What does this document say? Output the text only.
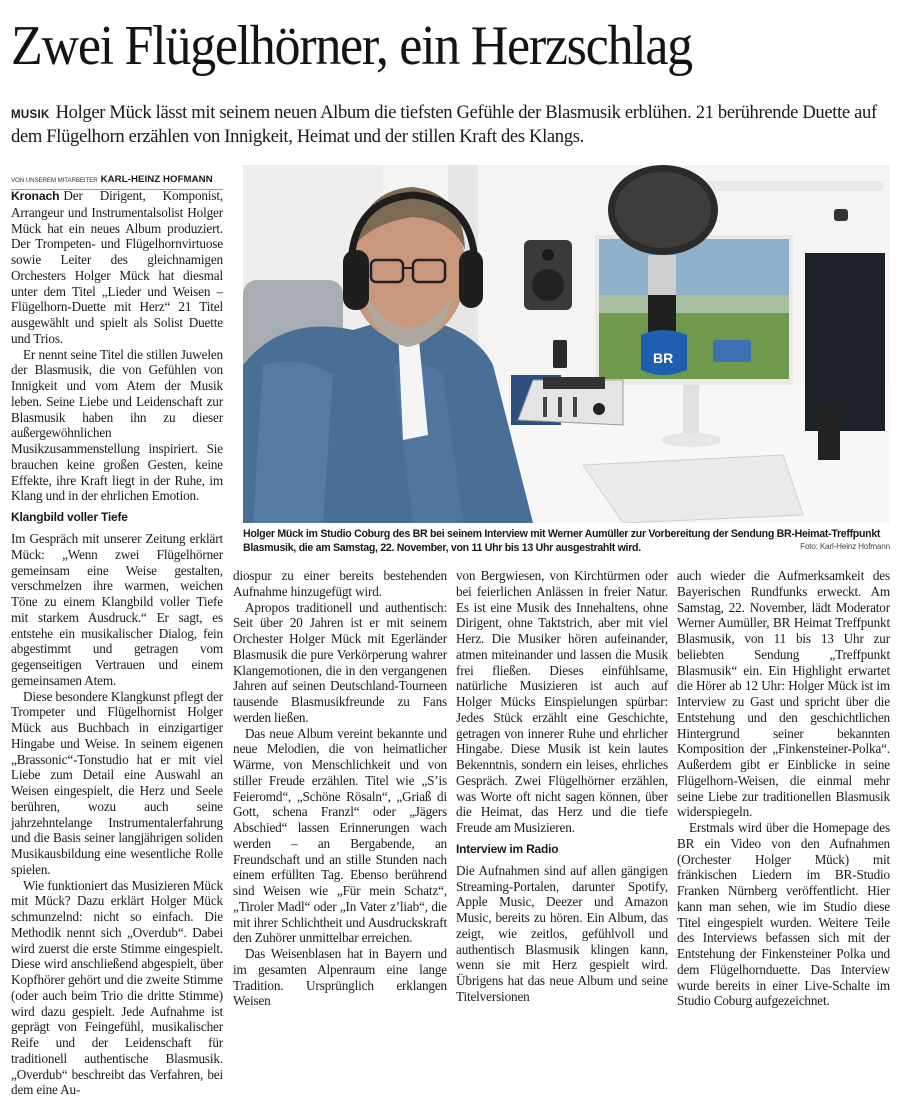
Zwei Flügelhörner, ein Herzschlag
MUSIK Holger Mück lässt mit seinem neuen Album die tiefsten Gefühle der Blasmusik erblühen. 21 berührende Duette auf dem Flügelhorn erzählen von Innigkeit, Heimat und der stillen Kraft des Klangs.
VON UNSEREM MITARBEITER KARL-HEINZ HOFMANN

Kronach Der Dirigent, Komponist, Arrangeur und Instrumentalsolist Holger Mück hat ein neues Album produziert. Der Trompeten- und Flügelhornvirtuose sowie Leiter des gleichnamigen Orchesters Holger Mück hat diesmal unter dem Titel „Lieder und Weisen – Flügelhorn-Duette mit Herz“ 21 Titel ausgewählt und spielt als Solist Duette und Trios.

Er nennt seine Titel die stillen Juwelen der Blasmusik, die von Gefühlen von Innigkeit und vom Atem der Musik leben. Seine Liebe und Leidenschaft zur Blasmusik haben ihn zu dieser außergewöhnlichen Musikzusammenstellung inspiriert. Sie brauchen keine großen Gesten, keine Effekte, ihre Kraft liegt in der Ruhe, im Klang und in der ehrlichen Emotion.

Klangbild voller Tiefe

Im Gespräch mit unserer Zeitung erklärt Mück: „Wenn zwei Flügelhörner gemeinsam eine Weise gestalten, verschmelzen ihre warmen, weichen Töne zu einem Klangbild voller Tiefe mit starkem Ausdruck.“ Er sagt, es entstehe ein musikalischer Dialog, fein abgestimmt und getragen vom gegenseitigen Vertrauen und einem gemeinsamen Atem.

Diese besondere Klangkunst pflegt der Trompeter und Flügelhornist Holger Mück aus Buchbach in einzigartiger Hingabe und Weise. In seinem eigenen „Brassonic“-Tonstudio hat er mit viel Liebe zum Detail eine Auswahl an Weisen eingespielt, die Herz und Seele berühren, wozu auch seine jahrzehntelange Instrumentalerfahrung und die Basis seiner langjährigen soliden Musikausbildung eine wesentliche Rolle spielen.

Wie funktioniert das Musizieren Mück mit Mück? Dazu erklärt Holger Mück schmunzelnd: nicht so einfach. Die Methodik nennt sich „Overdub“. Dabei wird zuerst die erste Stimme eingespielt. Diese wird anschließend abgespielt, über Kopfhörer gehört und die zweite Stimme (oder auch beim Trio die dritte Stimme) wird dazu gespielt. Jede Aufnahme ist geprägt von Feingefühl, musikalischer Reife und der Leidenschaft für traditionell authentische Blasmusik. „Overdub“ beschreibt das Verfahren, bei dem eine Au-

BR
Holger Mück im Studio Coburg des BR bei seinem Interview mit Werner Aumüller zur Vorbereitung der Sendung BR-Heimat-Treffpunkt Blasmusik, die am Samstag, 22. November, von 11 Uhr bis 13 Uhr ausgestrahlt wird.	Foto: Karl-Heinz Hofmann

diospur zu einer bereits bestehenden Aufnahme hinzugefügt wird.

Apropos traditionell und authentisch: Seit über 20 Jahren ist er mit seinem Orchester Holger Mück mit Egerländer Blasmusik die pure Verkörperung wahrer Klangemotionen, die in den vergangenen Jahren auf seinen Deutschland-Tourneen tausende Blasmusikfreunde zu Fans werden ließen.

Das neue Album vereint bekannte und neue Melodien, die von heimatlicher Wärme, von Menschlichkeit und von stiller Freude erzählen. Titel wie „S’is Feieromd“, „Schöne Rösaln“, „Griaß di Gott, schena Franzl“ oder „Jägers Abschied“ lassen Erinnerungen wach werden – an Bergabende, an Freundschaft und an stille Stunden nach einem erfüllten Tag. Ebenso berührend sind Weisen wie „Für mein Schatz“, „Tiroler Madl“ oder „In Vater z’liab“, die mit ihrer Schlichtheit und Ausdruckskraft den Zuhörer unmittelbar erreichen.

Das Weisenblasen hat in Bayern und im gesamten Alpenraum eine lange Tradition. Ursprünglich erklangen Weisen

von Bergwiesen, von Kirchtürmen oder bei feierlichen Anlässen in freier Natur. Es ist eine Musik des Innehaltens, ohne Dirigent, ohne Taktstrich, aber mit viel Herz. Die Musiker hören aufeinander, atmen miteinander und lassen die Musik frei fließen. Dieses einfühlsame, natürliche Musizieren ist auch auf Holger Mücks Einspielungen spürbar: Jedes Stück erzählt eine Geschichte, getragen von innerer Ruhe und ehrlicher Hingabe. Diese Musik ist kein lautes Bekenntnis, sondern ein leises, ehrliches Gespräch. Zwei Flügelhörner erzählen, was Worte oft nicht sagen können, über die Heimat, das Herz und die tiefe Freude am Musizieren.

Interview im Radio

Die Aufnahmen sind auf allen gängigen Streaming-Portalen, darunter Spotify, Apple Music, Deezer und Amazon Music, bereits zu hören. Ein Album, das zeigt, wie zeitlos, gefühlvoll und authentisch Blasmusik klingen kann, wenn sie mit Herz gespielt wird. Übrigens hat das neue Album und seine Titelversionen

auch wieder die Aufmerksamkeit des Bayerischen Rundfunks erweckt. Am Samstag, 22. November, lädt Moderator Werner Aumüller, BR Heimat Treffpunkt Blasmusik, von 11 bis 13 Uhr zur beliebten Sendung „Treffpunkt Blasmusik“ ein. Ein Highlight erwartet die Hörer ab 12 Uhr: Holger Mück ist im Interview zu Gast und spricht über die Entstehung und den geschichtlichen Hintergrund seiner bekannten Komposition der „Finkensteiner-Polka“. Außerdem gibt er Einblicke in seine Flügelhorn-Weisen, die einmal mehr seine Liebe zur traditionellen Blasmusik widerspiegeln.

Erstmals wird über die Homepage des BR ein Video von den Aufnahmen (Orchester Holger Mück) mit fränkischen Liedern im BR-Studio Franken Nürnberg veröffentlicht. Hier kann man sehen, wie im Studio diese Titel eingespielt wurden. Weitere Teile des Interviews befassen sich mit der Entstehung der Finkensteiner Polka und dem Flügelhornduette. Das Interview wurde bereits in einer Live-Schalte im Studio Coburg aufgezeichnet.
